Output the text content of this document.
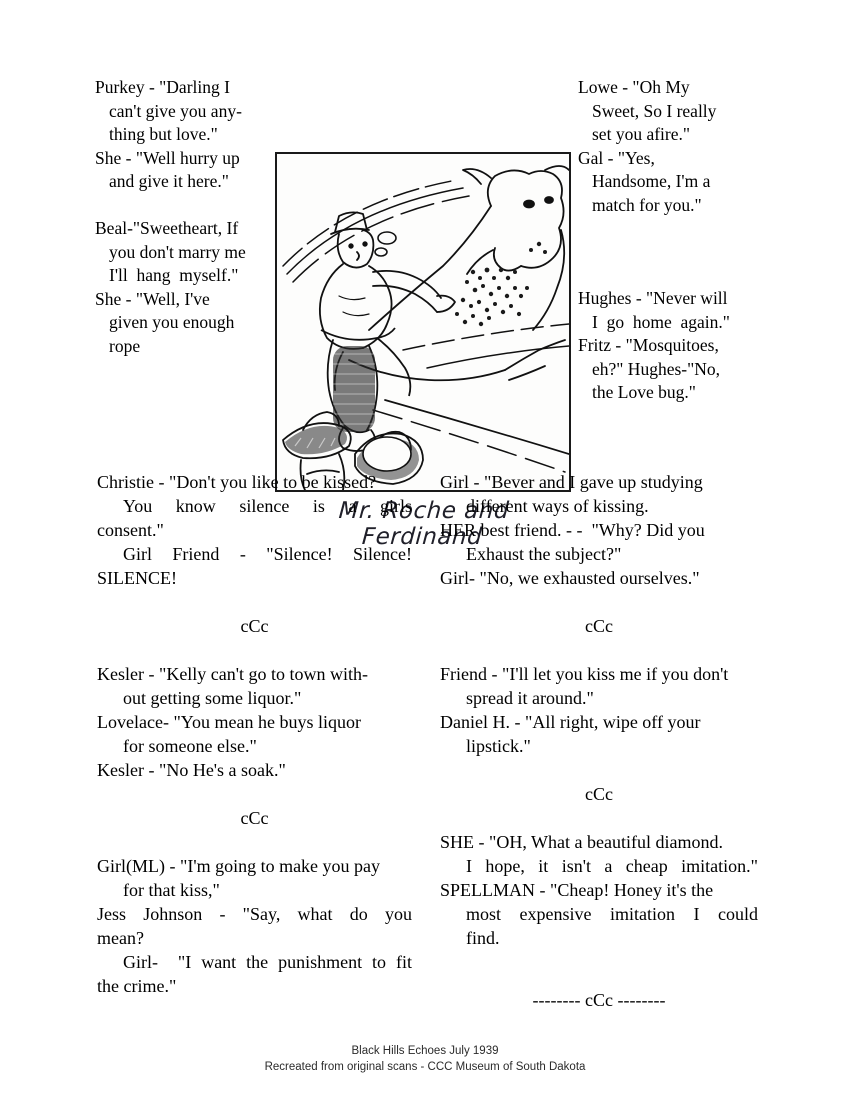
Purkey - "Darling I
can't give you any-
thing but love."
She - "Well hurry up
and give it here."
Beal-"Sweetheart, If
you don't marry me
I'll  hang  myself."
She - "Well, I've
given you enough
rope
Lowe - "Oh My
Sweet, So I really
set you afire."
Gal - "Yes,
Handsome, I'm a
match for you."
Hughes - "Never will
I  go  home  again."
Fritz - "Mosquitoes,
eh?" Hughes-"No,
the Love bug."
Mr. Roche and Ferdinand
Christie - "Don't you like to be kissed?
You  know  silence  is  a  girls
consent."
Girl  Friend  -  "Silence!  Silence!
SILENCE!
cCc
Kesler - "Kelly can't go to town with-
out getting some liquor."
Lovelace- "You mean he buys liquor
for someone else."
Kesler - "No He's a soak."
cCc
Girl(ML) - "I'm going to make you pay
for that kiss,"
Jess  Johnson  -  "Say,  what  do  you
mean?
Girl-  "I want the punishment to fit
the crime."
Girl - "Bever and I gave up studying
different ways of kissing.
HER best friend. - -  "Why? Did you
Exhaust the subject?"
Girl- "No, we exhausted ourselves."
cCc
Friend - "I'll let you kiss me if you don't
spread it around."
Daniel H. - "All right, wipe off your
lipstick."
cCc
SHE - "OH, What a beautiful diamond.
I  hope,  it  isn't  a  cheap  imitation."
SPELLMAN - "Cheap! Honey it's the
most  expensive  imitation  I  could
find.
-------- cCc --------
Black Hills Echoes July 1939
Recreated from original scans - CCC Museum of South Dakota
